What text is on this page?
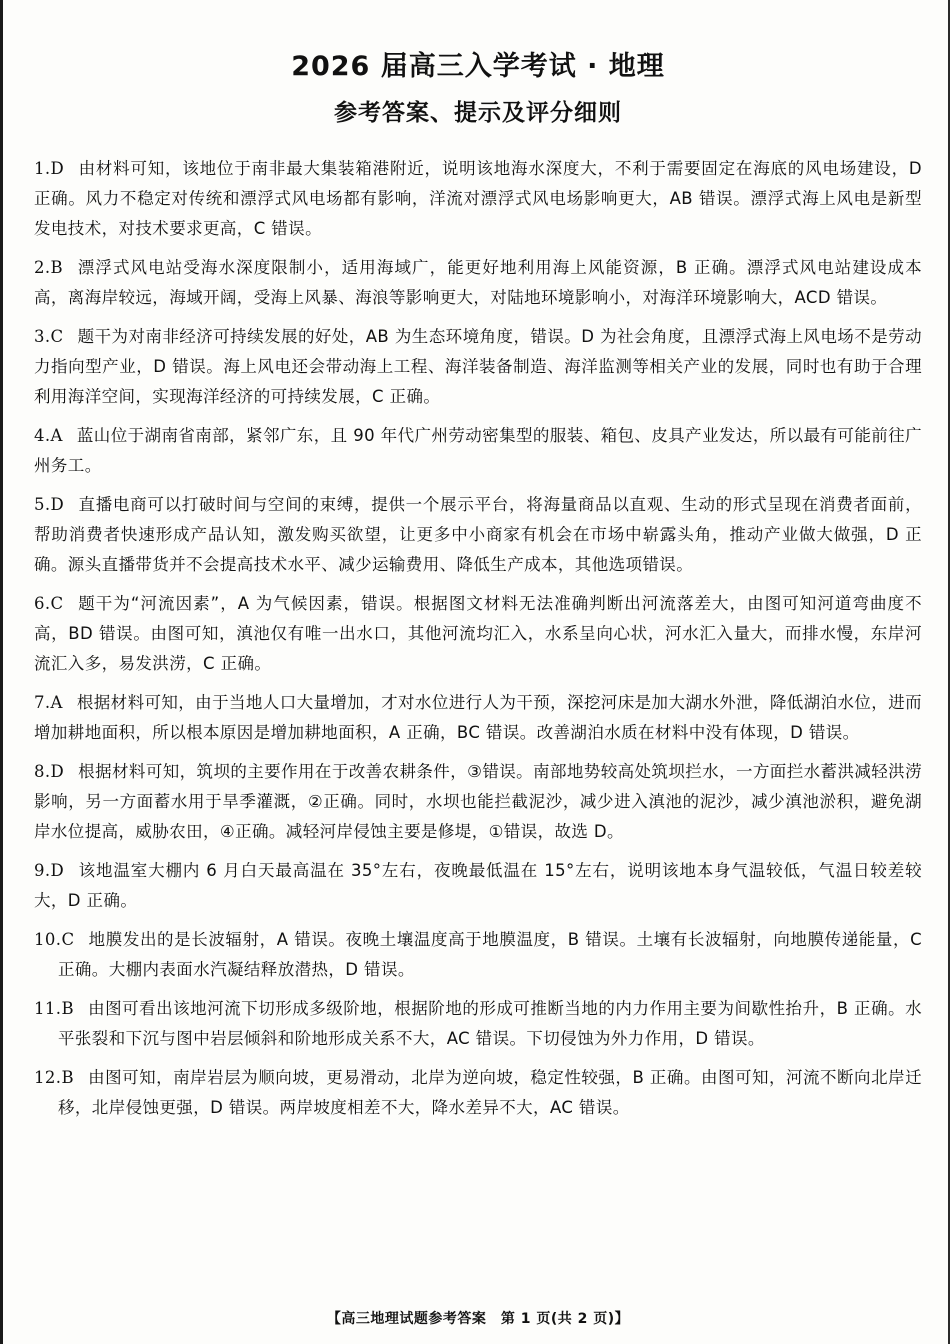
2026 届高三入学考试 · 地理
参考答案、提示及评分细则
1.D 由材料可知，该地位于南非最大集装箱港附近，说明该地海水深度大，不利于需要固定在海底的风电场建设，D 正确。风力不稳定对传统和漂浮式风电场都有影响，洋流对漂浮式风电场影响更大，AB 错误。漂浮式海上风电是新型发电技术，对技术要求更高，C 错误。
2.B 漂浮式风电站受海水深度限制小，适用海域广，能更好地利用海上风能资源，B 正确。漂浮式风电站建设成本高，离海岸较远，海域开阔，受海上风暴、海浪等影响更大，对陆地环境影响小，对海洋环境影响大，ACD 错误。
3.C 题干为对南非经济可持续发展的好处，AB 为生态环境角度，错误。D 为社会角度，且漂浮式海上风电场不是劳动力指向型产业，D 错误。海上风电还会带动海上工程、海洋装备制造、海洋监测等相关产业的发展，同时也有助于合理利用海洋空间，实现海洋经济的可持续发展，C 正确。
4.A 蓝山位于湖南省南部，紧邻广东，且 90 年代广州劳动密集型的服装、箱包、皮具产业发达，所以最有可能前往广州务工。
5.D 直播电商可以打破时间与空间的束缚，提供一个展示平台，将海量商品以直观、生动的形式呈现在消费者面前，帮助消费者快速形成产品认知，激发购买欲望，让更多中小商家有机会在市场中崭露头角，推动产业做大做强，D 正确。源头直播带货并不会提高技术水平、减少运输费用、降低生产成本，其他选项错误。
6.C 题干为“河流因素”，A 为气候因素，错误。根据图文材料无法准确判断出河流落差大，由图可知河道弯曲度不高，BD 错误。由图可知，滇池仅有唯一出水口，其他河流均汇入，水系呈向心状，河水汇入量大，而排水慢，东岸河流汇入多，易发洪涝，C 正确。
7.A 根据材料可知，由于当地人口大量增加，才对水位进行人为干预，深挖河床是加大湖水外泄，降低湖泊水位，进而增加耕地面积，所以根本原因是增加耕地面积，A 正确，BC 错误。改善湖泊水质在材料中没有体现，D 错误。
8.D 根据材料可知，筑坝的主要作用在于改善农耕条件，③错误。南部地势较高处筑坝拦水，一方面拦水蓄洪减轻洪涝影响，另一方面蓄水用于旱季灌溉，②正确。同时，水坝也能拦截泥沙，减少进入滇池的泥沙，减少滇池淤积，避免湖岸水位提高，威胁农田，④正确。减轻河岸侵蚀主要是修堤，①错误，故选 D。
9.D 该地温室大棚内 6 月白天最高温在 35°左右，夜晚最低温在 15°左右，说明该地本身气温较低，气温日较差较大，D 正确。
10.C 地膜发出的是长波辐射，A 错误。夜晚土壤温度高于地膜温度，B 错误。土壤有长波辐射，向地膜传递能量，C 正确。大棚内表面水汽凝结释放潜热，D 错误。
11.B 由图可看出该地河流下切形成多级阶地，根据阶地的形成可推断当地的内力作用主要为间歇性抬升，B 正确。水平张裂和下沉与图中岩层倾斜和阶地形成关系不大，AC 错误。下切侵蚀为外力作用，D 错误。
12.B 由图可知，南岸岩层为顺向坡，更易滑动，北岸为逆向坡，稳定性较强，B 正确。由图可知，河流不断向北岸迁移，北岸侵蚀更强，D 错误。两岸坡度相差不大，降水差异不大，AC 错误。
【高三地理试题参考答案　第 1 页(共 2 页)】
